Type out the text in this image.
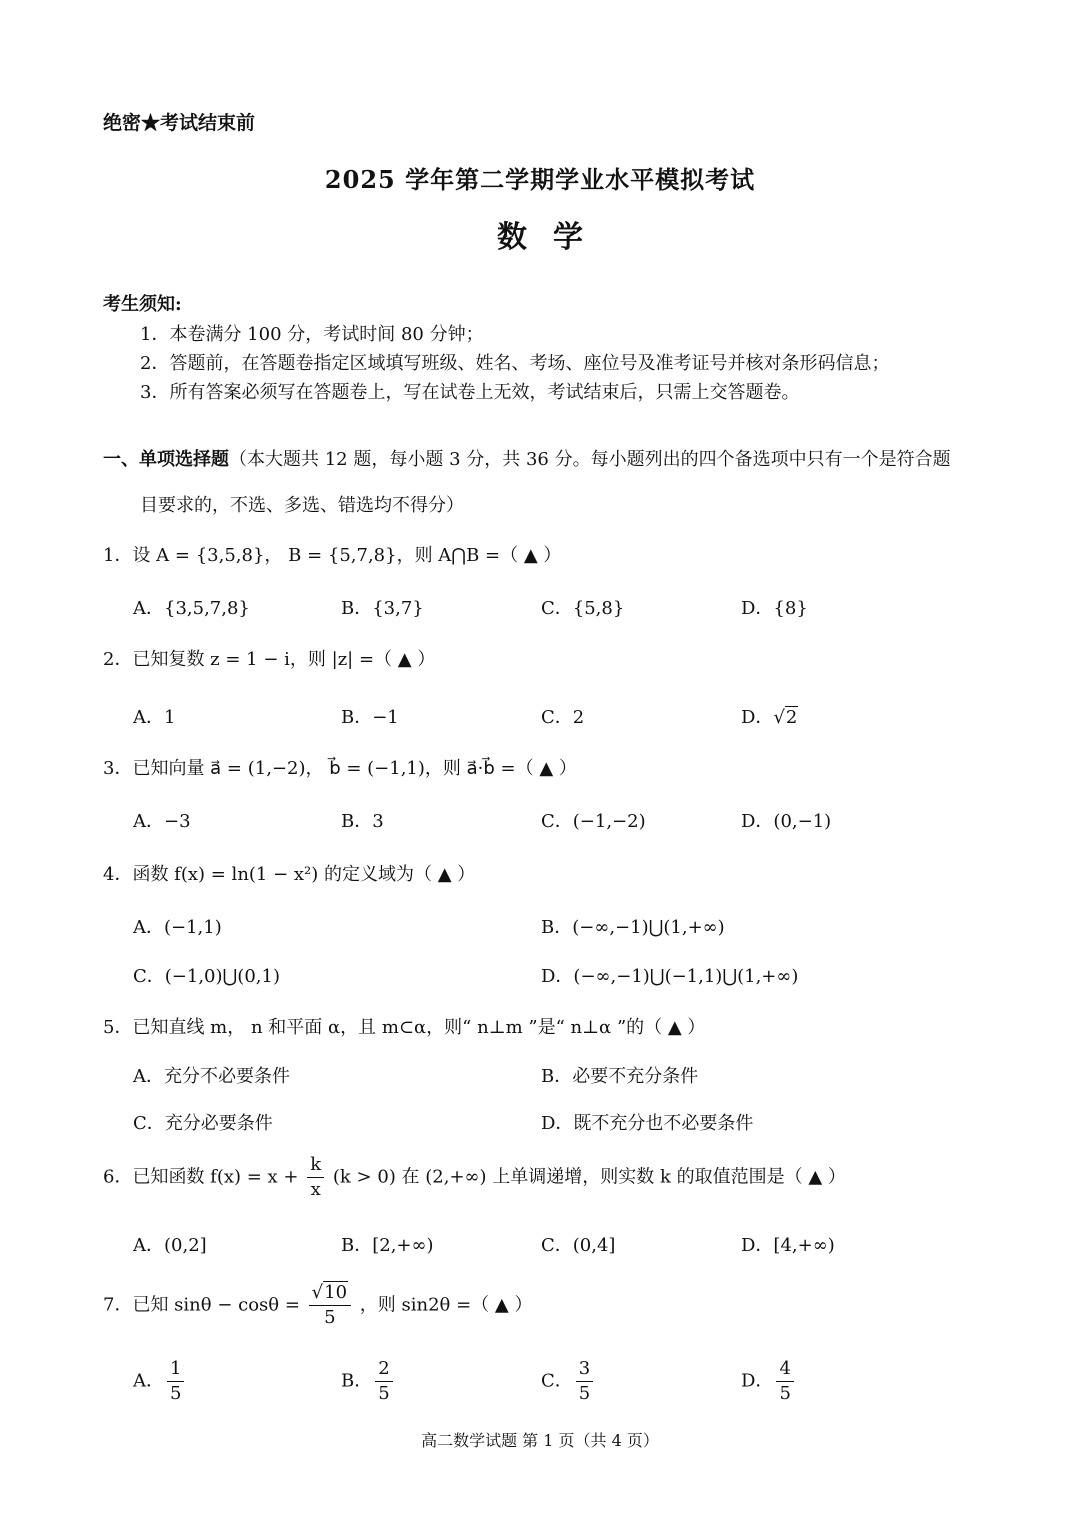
绝密★考试结束前
2025 学年第二学期学业水平模拟考试
数学
考生须知:
1．本卷满分 100 分，考试时间 80 分钟；
2．答题前，在答题卷指定区域填写班级、姓名、考场、座位号及准考证号并核对条形码信息；
3．所有答案必须写在答题卷上，写在试卷上无效，考试结束后，只需上交答题卷。
一、单项选择题（本大题共 12 题，每小题 3 分，共 36 分。每小题列出的四个备选项中只有一个是符合题
目要求的，不选、多选、错选均不得分）
1．设 A = {3,5,8}， B = {5,7,8}，则 A⋂B =（ ▲ ）
A．{3,5,7,8}	B．{3,7}	C．{5,8}	D．{8}
2．已知复数 z = 1 − i，则 |z| =（ ▲ ）
A．1	B．−1	C．2	D．√2
3．已知向量 a⃗ = (1,−2)， b⃗ = (−1,1)，则 a⃗·b⃗ =（ ▲ ）
A．−3	B．3	C．(−1,−2)	D．(0,−1)
4．函数 f(x) = ln(1 − x²) 的定义域为（ ▲ ）
A．(−1,1)	B．(−∞,−1)⋃(1,+∞)
C．(−1,0)⋃(0,1)	D．(−∞,−1)⋃(−1,1)⋃(1,+∞)
5．已知直线 m， n 和平面 α，且 m⊂α，则“ n⊥m ”是“ n⊥α ”的（ ▲ ）
A．充分不必要条件	B．必要不充分条件
C．充分必要条件	D．既不充分也不必要条件
6．已知函数 $f(x) = x + \frac{k}{x} (k > 0)$ 在 (2,+∞) 上单调递增，则实数 k 的取值范围是（ ▲ ）
A．(0,2]	B．[2,+∞)	C．(0,4]	D．[4,+∞)
7．已知 $\sin\theta - \cos\theta = \frac{√10}{5}$ ，则 sin2θ =（ ▲ ）
A． $\frac{1}{5}$	B． $\frac{2}{5}$	C． $\frac{3}{5}$	D． $\frac{4}{5}$
高二数学试题 第 1 页（共 4 页）
